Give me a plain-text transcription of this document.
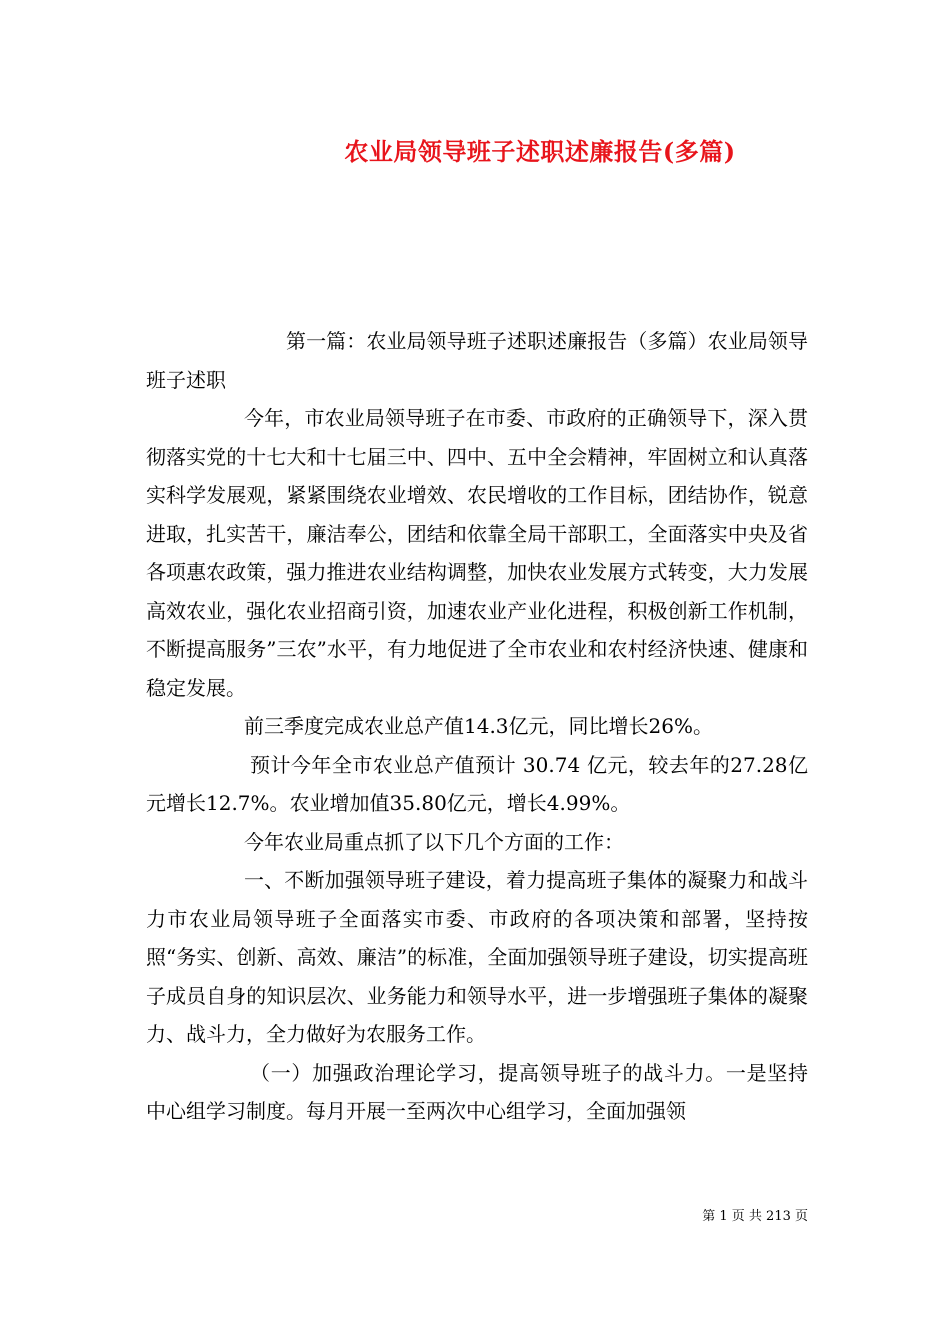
农业局领导班子述职述廉报告(多篇)

第一篇：农业局领导班子述职述廉报告（多篇）农业局领导班子述职

今年，市农业局领导班子在市委、市政府的正确领导下，深入贯彻落实党的十七大和十七届三中、四中、五中全会精神，牢固树立和认真落实科学发展观，紧紧围绕农业增效、农民增收的工作目标，团结协作，锐意进取，扎实苦干，廉洁奉公，团结和依靠全局干部职工，全面落实中央及省各项惠农政策，强力推进农业结构调整，加快农业发展方式转变，大力发展高效农业，强化农业招商引资，加速农业产业化进程，积极创新工作机制，不断提高服务”三农”水平，有力地促进了全市农业和农村经济快速、健康和稳定发展。

前三季度完成农业总产值14.3亿元，同比增长26%。

预计今年全市农业总产值预计 30.74 亿元，较去年的27.28亿元增长12.7%。农业增加值35.80亿元，增长4.99%。

今年农业局重点抓了以下几个方面的工作：

一、不断加强领导班子建设，着力提高班子集体的凝聚力和战斗力市农业局领导班子全面落实市委、市政府的各项决策和部署，坚持按照“务实、创新、高效、廉洁”的标准，全面加强领导班子建设，切实提高班子成员自身的知识层次、业务能力和领导水平，进一步增强班子集体的凝聚力、战斗力，全力做好为农服务工作。

（一）加强政治理论学习，提高领导班子的战斗力。一是坚持中心组学习制度。每月开展一至两次中心组学习，全面加强领

第 1 页 共 213 页
